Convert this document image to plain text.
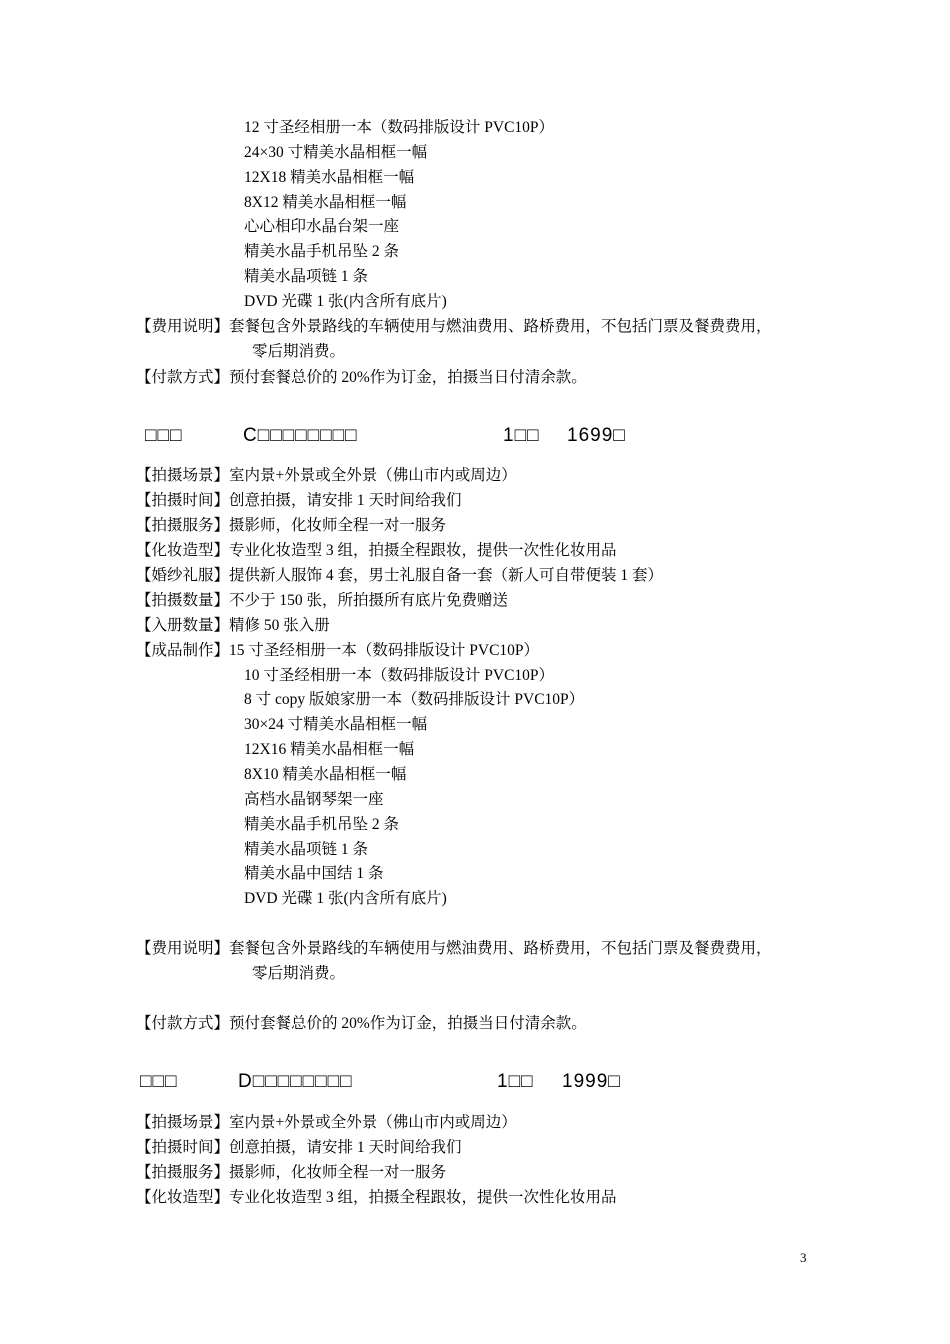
12 寸圣经相册一本（数码排版设计 PVC10P）
24×30 寸精美水晶相框一幅
12X18 精美水晶相框一幅
8X12 精美水晶相框一幅
心心相印水晶台架一座
精美水晶手机吊坠 2 条
精美水晶项链 1 条
DVD 光碟 1 张(内含所有底片)
【费用说明】套餐包含外景路线的车辆使用与燃油费用、路桥费用，不包括门票及餐费费用，
零后期消费。
【付款方式】预付套餐总价的 20%作为订金，拍摄当日付清余款。
□□□	C□□□□□□□□	1□□ 1699□
【拍摄场景】室内景+外景或全外景（佛山市内或周边）
【拍摄时间】创意拍摄，请安排 1 天时间给我们
【拍摄服务】摄影师，化妆师全程一对一服务
【化妆造型】专业化妆造型 3 组，拍摄全程跟妆，提供一次性化妆用品
【婚纱礼服】提供新人服饰 4 套，男士礼服自备一套（新人可自带便装 1 套）
【拍摄数量】不少于 150 张，所拍摄所有底片免费赠送
【入册数量】精修 50 张入册
【成品制作】15 寸圣经相册一本（数码排版设计 PVC10P）
10 寸圣经相册一本（数码排版设计 PVC10P）
8 寸 copy 版娘家册一本（数码排版设计 PVC10P）
30×24 寸精美水晶相框一幅
12X16 精美水晶相框一幅
8X10 精美水晶相框一幅
高档水晶钢琴架一座
精美水晶手机吊坠 2 条
精美水晶项链 1 条
精美水晶中国结 1 条
DVD 光碟 1 张(内含所有底片)
【费用说明】套餐包含外景路线的车辆使用与燃油费用、路桥费用，不包括门票及餐费费用，
零后期消费。
【付款方式】预付套餐总价的 20%作为订金，拍摄当日付清余款。
□□□	D□□□□□□□□	1□□ 1999□
【拍摄场景】室内景+外景或全外景（佛山市内或周边）
【拍摄时间】创意拍摄，请安排 1 天时间给我们
【拍摄服务】摄影师，化妆师全程一对一服务
【化妆造型】专业化妆造型 3 组，拍摄全程跟妆，提供一次性化妆用品
3
